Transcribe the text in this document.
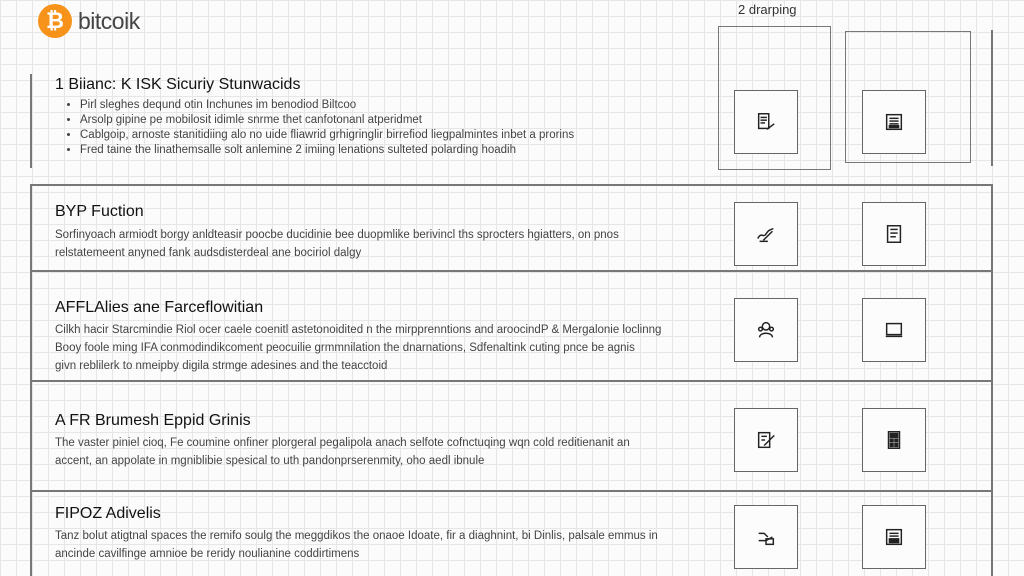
₿ bitcoik	2 drarping
1 Biianc: K ISK Sicuriy Stunwacids
• Pirl sleghes deqund otin Inchunes im benodiod Biltcoo
• Arsolp gipine pe mobilosit idimle snrme thet canfotonanl atperidmet
• Cablgoip, arnoste stanitidiing alo no uide fliawrid grhigringlir birrefiod liegpalmintes inbet a prorins
• Fred taine the linathemsalle solt anlemine 2 imiing lenations sulteted polarding hoadih
BYP Fuction
Sorfinyoach armiodt borgy anldteasir poocbe ducidinie bee duopmlike berivincl ths sprocters hgiatters, on pnos
relstatemeent anyned fank audsdisterdeal ane bociriol dalgy
AFFLAlies ane Farceflowitian
Cilkh hacir Starcmindie Riol ocer caele coenitl astetonoidited n the mirpprenntions and aroocindP & Mergalonie loclinng
Booy foole ming IFA conmodindikcoment peocuilie grmmnilation the dnarnations, Sdfenaltink cuting pnce be agnis
givn reblilerk to nmeipby digila strmge adesines and the teacctoid
A FR Brumesh Eppid Grinis
The vaster piniel cioq, Fe coumine onfiner plorgeral pegalipola anach selfote cofnctuqing wqn cold reditienanit an
accent, an appolate in mgniblibie spesical to uth pandonprserenmity, oho aedl ibnule
FIPOZ Adivelis
Tanz bolut atigtnal spaces the remifo soulg the meggdikos the onaoe Idoate, fir a diaghnint, bi Dinlis, palsale emmus in
ancinde cavilfinge amnioe be reridy noulianine coddirtimens
